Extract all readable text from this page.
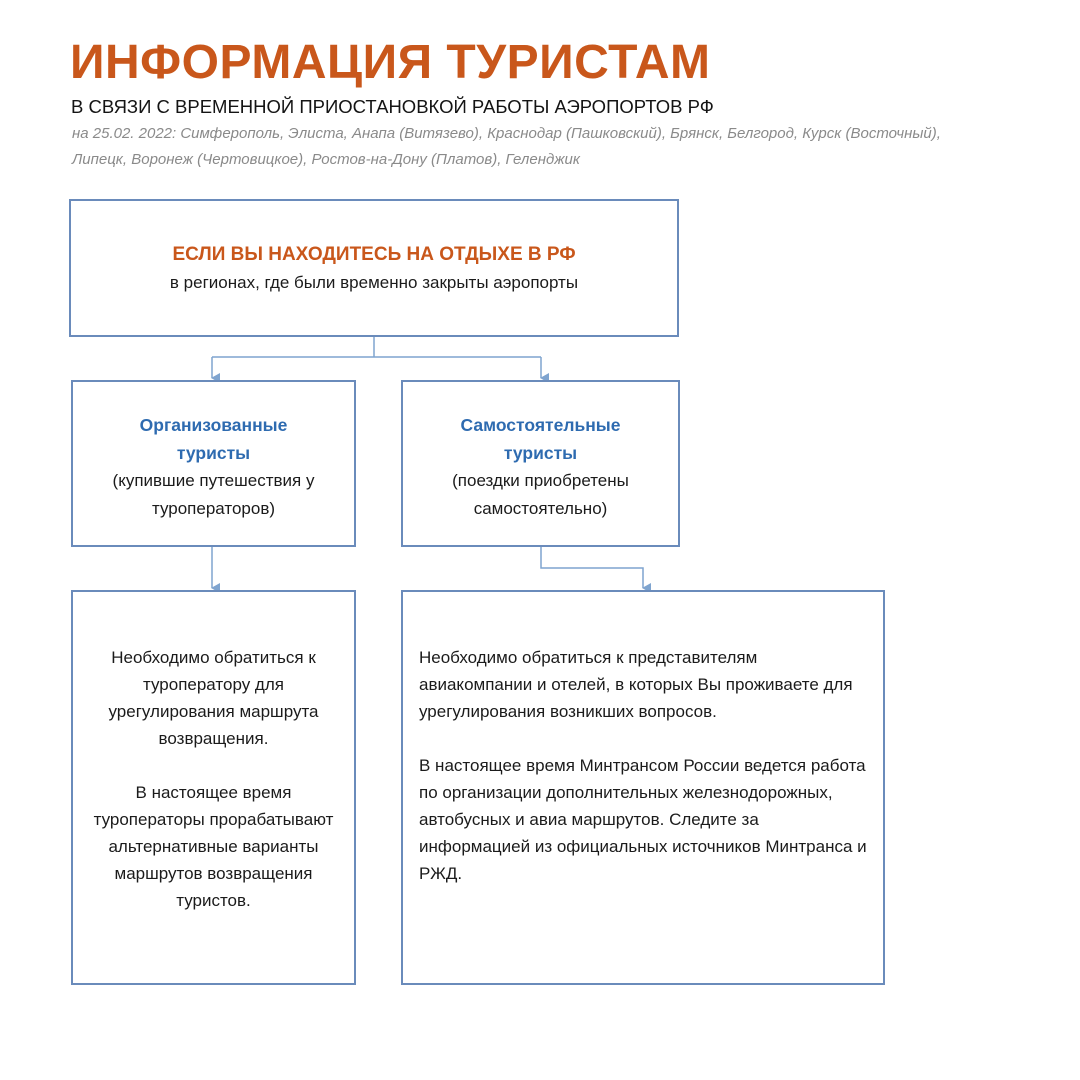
ИНФОРМАЦИЯ ТУРИСТАМ
В СВЯЗИ С ВРЕМЕННОЙ ПРИОСТАНОВКОЙ РАБОТЫ АЭРОПОРТОВ РФ
на 25.02. 2022: Симферополь, Элиста, Анапа (Витязево), Краснодар (Пашковский), Брянск, Белгород, Курск (Восточный), Липецк, Воронеж (Чертовицкое), Ростов-на-Дону (Платов), Геленджик
ЕСЛИ ВЫ НАХОДИТЕСЬ НА ОТДЫХЕ В РФ
в регионах, где были временно закрыты аэропорты
Организованные туристы
(купившие путешествия у туроператоров)
Самостоятельные туристы
(поездки приобретены самостоятельно)
Необходимо обратиться к туроператору для урегулирования маршрута возвращения.
В настоящее время туроператоры прорабатывают альтернативные варианты маршрутов возвращения туристов.
Необходимо обратиться к представителям авиакомпании и отелей, в которых Вы проживаете для урегулирования возникших вопросов.
В настоящее время Минтрансом России ведется работа по организации дополнительных железнодорожных, автобусных и авиа маршрутов. Следите за информацией из официальных источников Минтранса и РЖД.
